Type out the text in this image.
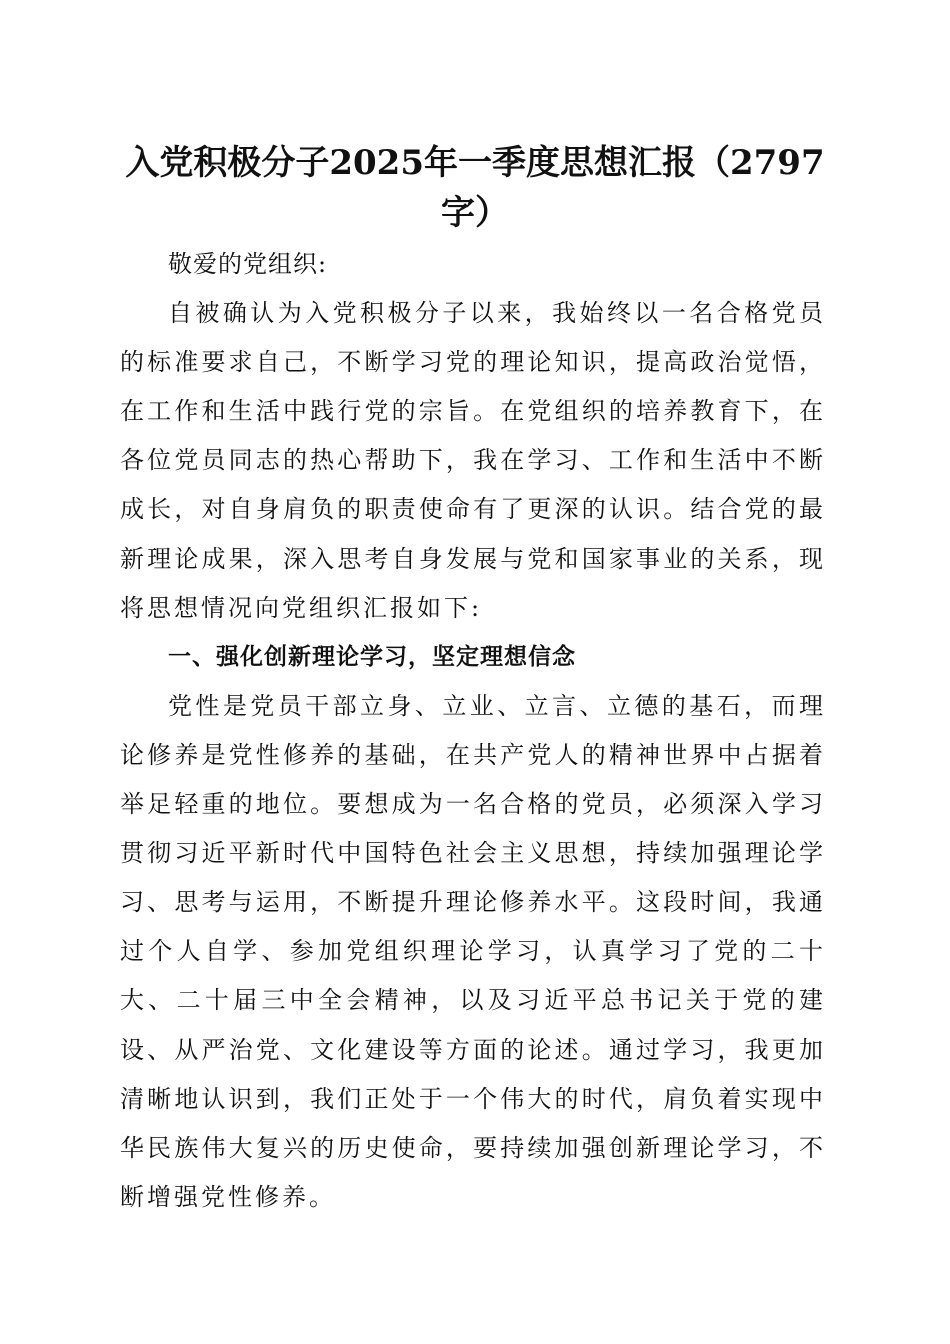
入党积极分子2025年一季度思想汇报（2797字）

敬爱的党组织:

自被确认为入党积极分子以来，我始终以一名合格党员的标准要求自己，不断学习党的理论知识，提高政治觉悟，在工作和生活中践行党的宗旨。在党组织的培养教育下，在各位党员同志的热心帮助下，我在学习、工作和生活中不断成长，对自身肩负的职责使命有了更深的认识。结合党的最新理论成果，深入思考自身发展与党和国家事业的关系，现将思想情况向党组织汇报如下:

一、强化创新理论学习，坚定理想信念

党性是党员干部立身、立业、立言、立德的基石，而理论修养是党性修养的基础，在共产党人的精神世界中占据着举足轻重的地位。要想成为一名合格的党员，必须深入学习贯彻习近平新时代中国特色社会主义思想，持续加强理论学习、思考与运用，不断提升理论修养水平。这段时间，我通过个人自学、参加党组织理论学习，认真学习了党的二十大、二十届三中全会精神，以及习近平总书记关于党的建设、从严治党、文化建设等方面的论述。通过学习，我更加清晰地认识到，我们正处于一个伟大的时代，肩负着实现中华民族伟大复兴的历史使命，要持续加强创新理论学习，不断增强党性修养。
